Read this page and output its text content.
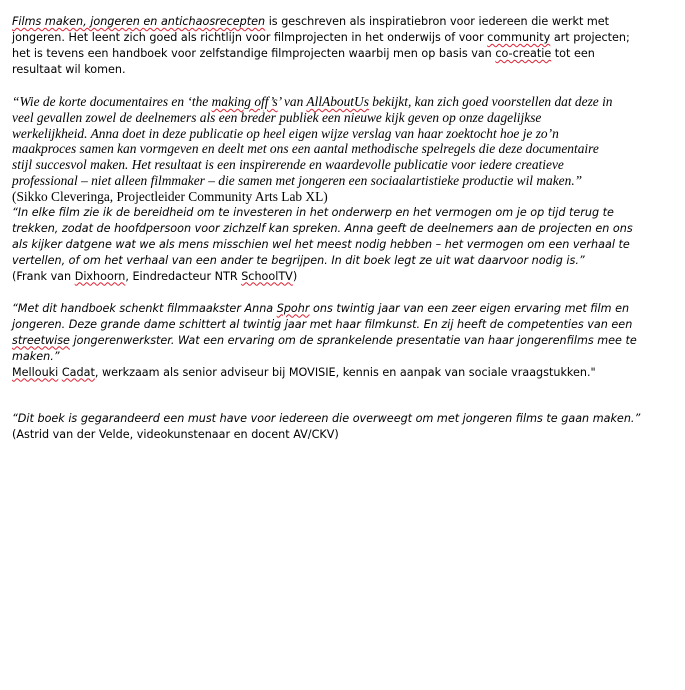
Films maken, jongeren en antichaosrecepten is geschreven als inspiratiebron voor iedereen die werkt met

jongeren. Het leent zich goed als richtlijn voor filmprojecten in het onderwijs of voor community art projecten;

het is tevens een handboek voor zelfstandige filmprojecten waarbij men op basis van co-creatie tot een

resultaat wil komen.

“Wie de korte documentaires en ‘the making off’s’ van AllAboutUs bekijkt, kan zich goed voorstellen dat deze in

veel gevallen zowel de deelnemers als een breder publiek een nieuwe kijk geven op onze dagelijkse

werkelijkheid. Anna doet in deze publicatie op heel eigen wijze verslag van haar zoektocht hoe je zo’n

maakproces samen kan vormgeven en deelt met ons een aantal methodische spelregels die deze documentaire

stijl succesvol maken. Het resultaat is een inspirerende en waardevolle publicatie voor iedere creatieve

professional – niet alleen filmmaker – die samen met jongeren een sociaalartistieke productie wil maken.”

(Sikko Cleveringa, Projectleider Community Arts Lab XL)

“In elke film zie ik de bereidheid om te investeren in het onderwerp en het vermogen om je op tijd terug te

trekken, zodat de hoofdpersoon voor zichzelf kan spreken. Anna geeft de deelnemers aan de projecten en ons

als kijker datgene wat we als mens misschien wel het meest nodig hebben – het vermogen om een verhaal te

vertellen, of om het verhaal van een ander te begrijpen. In dit boek legt ze uit wat daarvoor nodig is.”

(Frank van Dixhoorn, Eindredacteur NTR SchoolTV)

“Met dit handboek schenkt filmmaakster Anna Spohr ons twintig jaar van een zeer eigen ervaring met film en

jongeren. Deze grande dame schittert al twintig jaar met haar filmkunst. En zij heeft de competenties van een

streetwise jongerenwerkster. Wat een ervaring om de sprankelende presentatie van haar jongerenfilms mee te

maken.”

Mellouki Cadat, werkzaam als senior adviseur bij MOVISIE, kennis en aanpak van sociale vraagstukken."

“Dit boek is gegarandeerd een must have voor iedereen die overweegt om met jongeren films te gaan maken.”

(Astrid van der Velde, videokunstenaar en docent AV/CKV)
